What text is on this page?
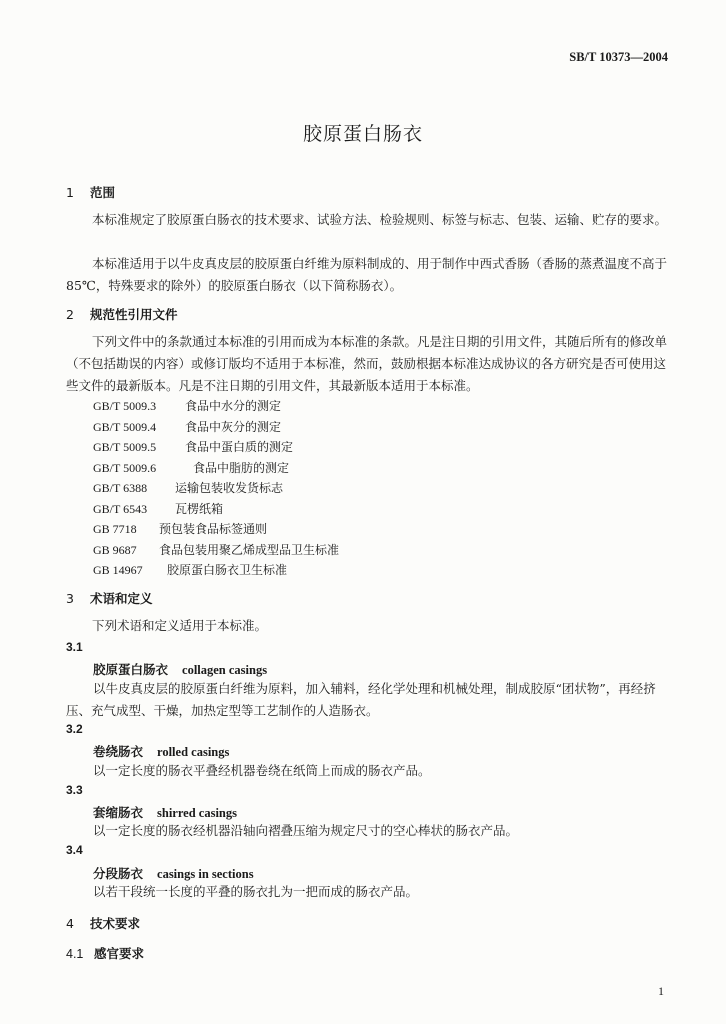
SB/T 10373—2004
胶原蛋白肠衣
1 范围
本标准规定了胶原蛋白肠衣的技术要求、试验方法、检验规则、标签与标志、包装、运输、贮存的要求。
本标准适用于以牛皮真皮层的胶原蛋白纤维为原料制成的、用于制作中西式香肠（香肠的蒸煮温度不高于 85℃，特殊要求的除外）的胶原蛋白肠衣（以下简称肠衣）。
2 规范性引用文件
下列文件中的条款通过本标准的引用而成为本标准的条款。凡是注日期的引用文件，其随后所有的修改单（不包括勘误的内容）或修订版均不适用于本标准，然而，鼓励根据本标准达成协议的各方研究是否可使用这些文件的最新版本。凡是不注日期的引用文件，其最新版本适用于本标准。
GB/T 5009.3 食品中水分的测定
GB/T 5009.4 食品中灰分的测定
GB/T 5009.5 食品中蛋白质的测定
GB/T 5009.6	食品中脂肪的测定
GB/T 6388 运输包装收发货标志
GB/T 6543 瓦楞纸箱
GB 7718 预包装食品标签通则
GB 9687 食品包装用聚乙烯成型品卫生标准
GB 14967 胶原蛋白肠衣卫生标准
3 术语和定义
下列术语和定义适用于本标准。
3.1
胶原蛋白肠衣 collagen casings
以牛皮真皮层的胶原蛋白纤维为原料，加入辅料，经化学处理和机械处理，制成胶原“团状物”，再经挤压、充气成型、干燥，加热定型等工艺制作的人造肠衣。
3.2
卷绕肠衣 rolled casings
以一定长度的肠衣平叠经机器卷绕在纸筒上而成的肠衣产品。
3.3
套缩肠衣 shirred casings
以一定长度的肠衣经机器沿轴向褶叠压缩为规定尺寸的空心棒状的肠衣产品。
3.4
分段肠衣 casings in sections
以若干段统一长度的平叠的肠衣扎为一把而成的肠衣产品。
4 技术要求
4.1 感官要求
1
